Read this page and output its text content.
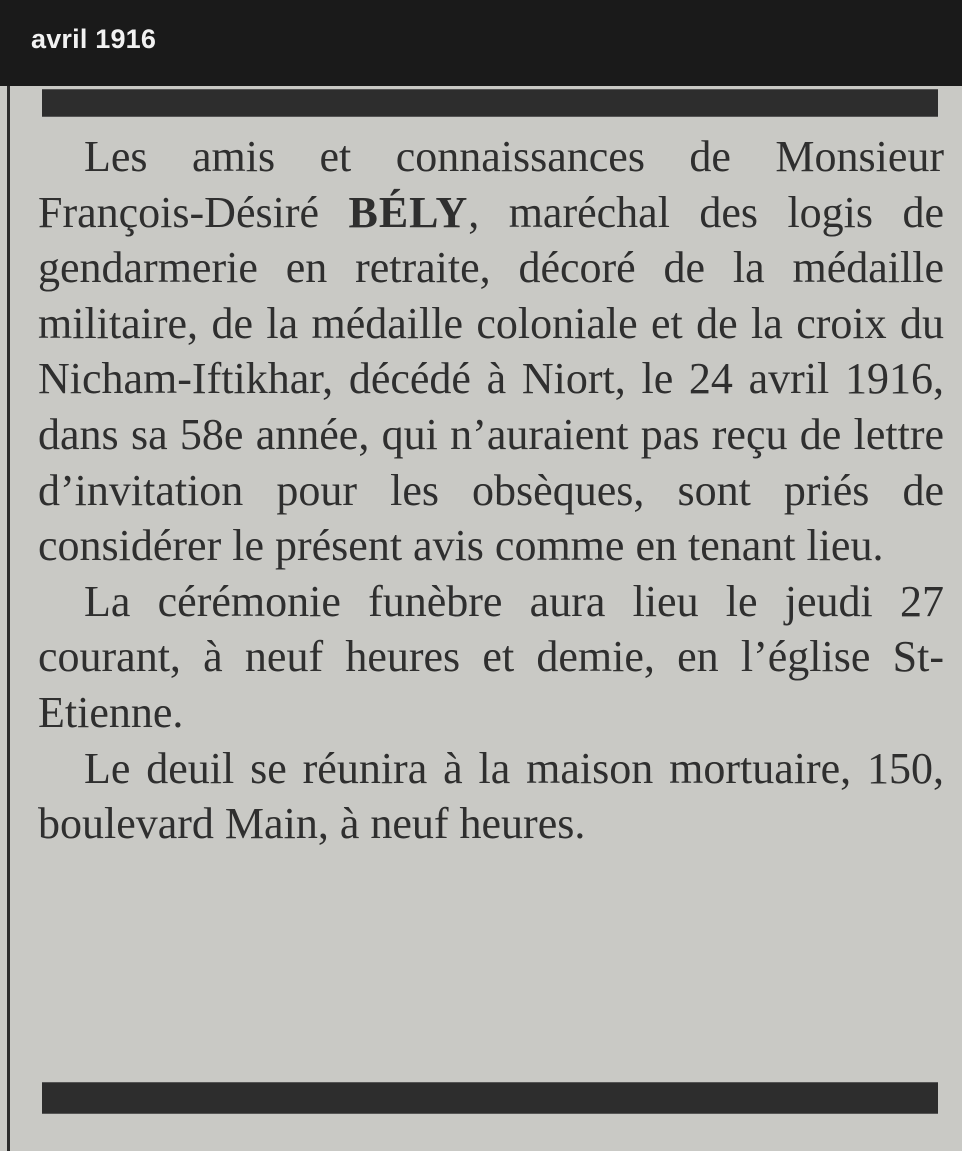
avril 1916

Les amis et connaissances de Monsieur François-Désiré BÉLY, maréchal des logis de gendarmerie en retraite, décoré de la médaille militaire, de la médaille coloniale et de la croix du Nicham-Iftikhar, décédé à Niort, le 24 avril 1916, dans sa 58e année, qui n’auraient pas reçu de lettre d’invitation pour les obsèques, sont priés de considérer le présent avis comme en tenant lieu.

La cérémonie funèbre aura lieu le jeudi 27 courant, à neuf heures et demie, en l’église St-Etienne.

Le deuil se réunira à la maison mortuaire, 150, boulevard Main, à neuf heures.
